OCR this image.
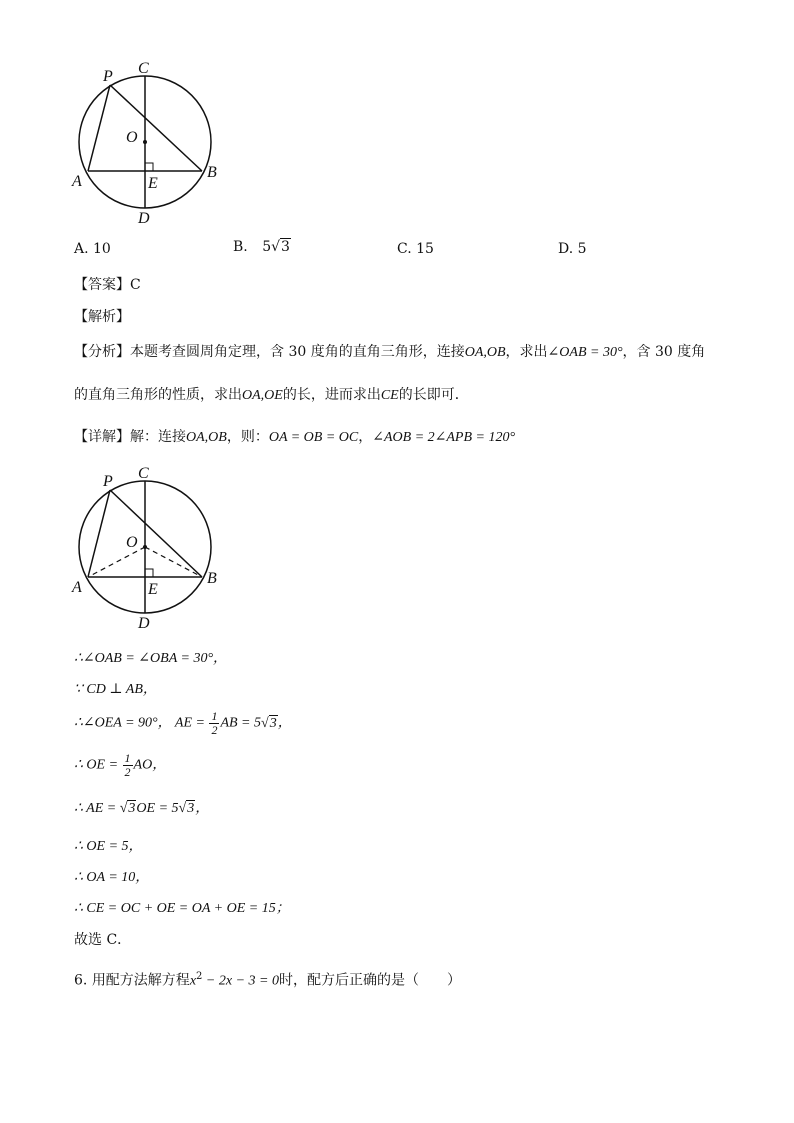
P C
O
A	E
B
D
A. 10	B. 5√3	C. 15	D. 5
【答案】C
【解析】
【分析】本题考查圆周角定理，含 30 度角的直角三角形，连接OA,OB，求出∠OAB = 30°，含 30 度角
的直角三角形的性质，求出OA,OE的长，进而求出CE的长即可．
【详解】解：连接OA,OB，则：OA = OB = OC，∠AOB = 2∠APB = 120°
P C
O
A	E
B
D
∴∠OAB = ∠OBA = 30°，
∵ CD ⊥ AB，
∴∠OEA = 90°， AE = $\frac{1}{2}$ AB = 5√3，
∴ OE = $\frac{1}{2}$ AO，
∴ AE = √3OE = 5√3，
∴ OE = 5，
∴ OA = 10，
∴ CE = OC + OE = OA + OE = 15；
故选 C．
6. 用配方法解方程$x^2 - 2x - 3 = 0$时，配方后正确的是（　　）
